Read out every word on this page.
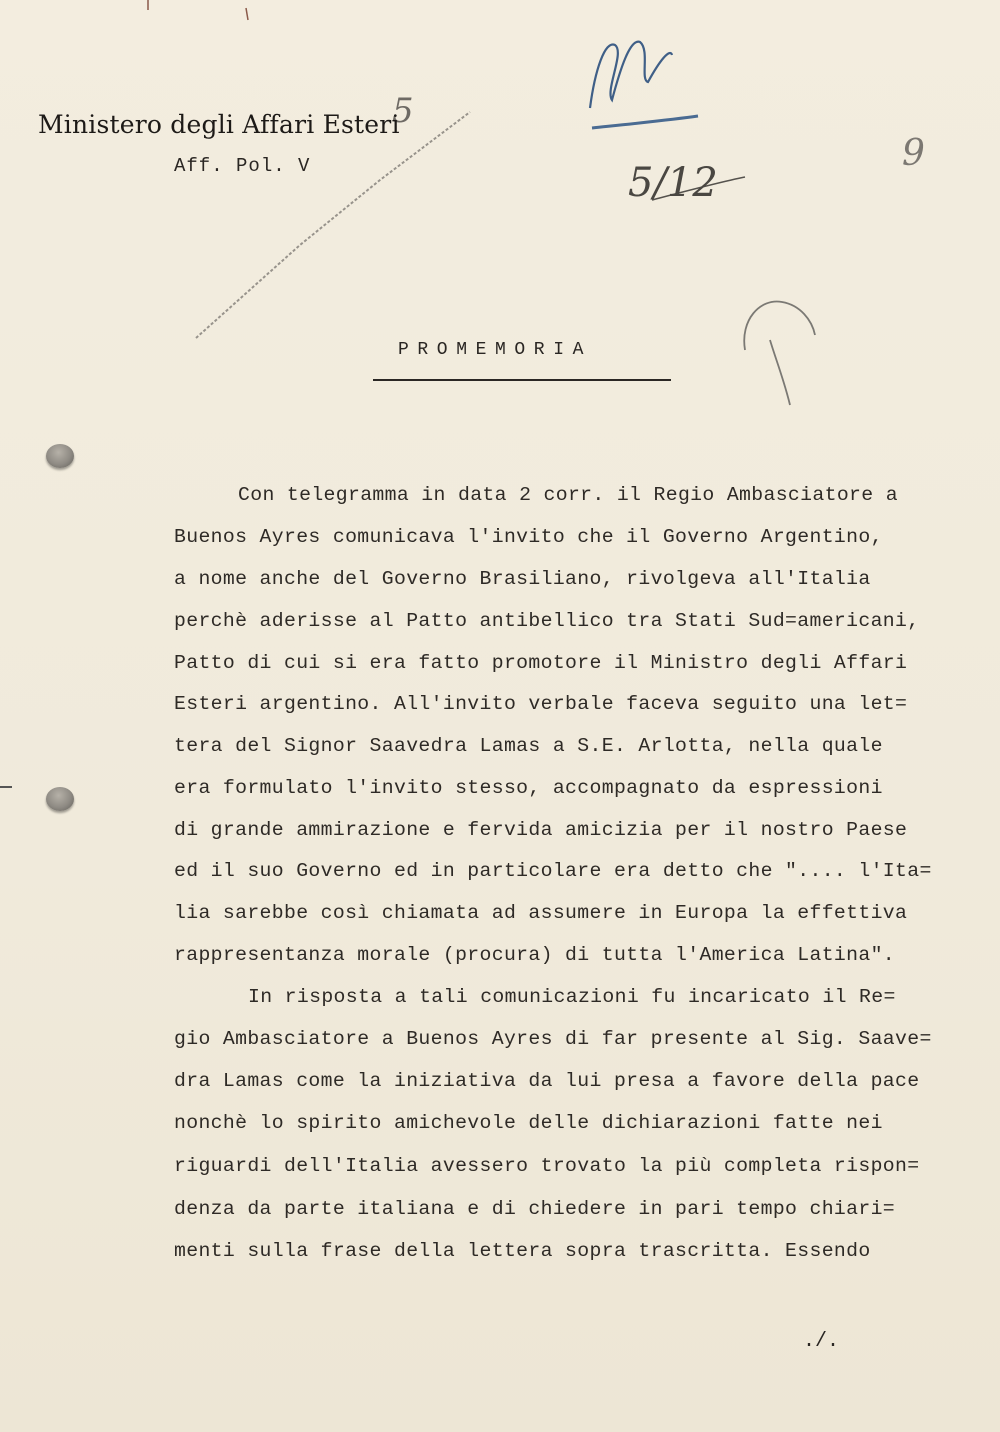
5
5/12
9
Ministero degli Affari Esteri
Aff. Pol. V
PROMEMORIA
Con telegramma in data 2 corr. il Regio Ambasciatore a
Buenos Ayres comunicava l'invito che il Governo Argentino,
a nome anche del Governo Brasiliano, rivolgeva all'Italia
perchè aderisse al Patto antibellico tra Stati Sud=americani,
Patto di cui si era fatto promotore il Ministro degli Affari
Esteri argentino. All'invito verbale faceva seguito una let=
tera del Signor Saavedra Lamas a S.E. Arlotta, nella quale
era formulato l'invito stesso, accompagnato da espressioni
di grande ammirazione e fervida amicizia per il nostro Paese
ed il suo Governo ed in particolare era detto che ".... l'Ita=
lia sarebbe così chiamata ad assumere in Europa la effettiva
rappresentanza morale (procura) di tutta l'America Latina".
In risposta a tali comunicazioni fu incaricato il Re=
gio Ambasciatore a Buenos Ayres di far presente al Sig. Saave=
dra Lamas come la iniziativa da lui presa a favore della pace
nonchè lo spirito amichevole delle dichiarazioni fatte nei
riguardi dell'Italia avessero trovato la più completa rispon=
denza da parte italiana e di chiedere in pari tempo chiari=
menti sulla frase della lettera sopra trascritta. Essendo
./.
